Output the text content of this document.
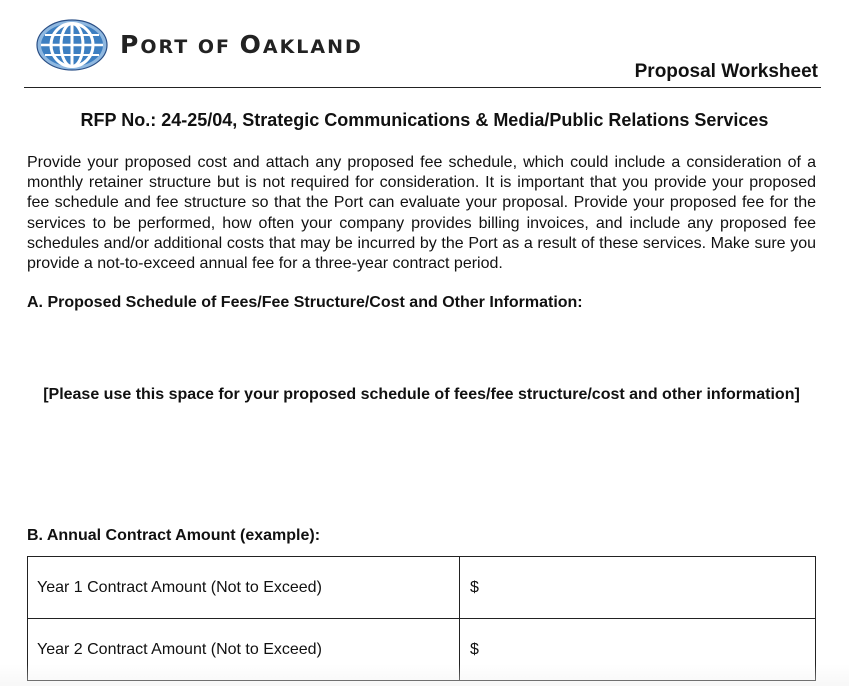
PORT OF OAKLAND
Proposal Worksheet
RFP No.: 24-25/04, Strategic Communications & Media/Public Relations Services
Provide your proposed cost and attach any proposed fee schedule, which could include a consideration of a monthly retainer structure but is not required for consideration. It is important that you provide your proposed fee schedule and fee structure so that the Port can evaluate your proposal. Provide your proposed fee for the services to be performed, how often your company provides billing invoices, and include any proposed fee schedules and/or additional costs that may be incurred by the Port as a result of these services. Make sure you provide a not-to-exceed annual fee for a three-year contract period.
A. Proposed Schedule of Fees/Fee Structure/Cost and Other Information:
[Please use this space for your proposed schedule of fees/fee structure/cost and other information]
B. Annual Contract Amount (example):
Year 1 Contract Amount (Not to Exceed)	$
Year 2 Contract Amount (Not to Exceed)	$
